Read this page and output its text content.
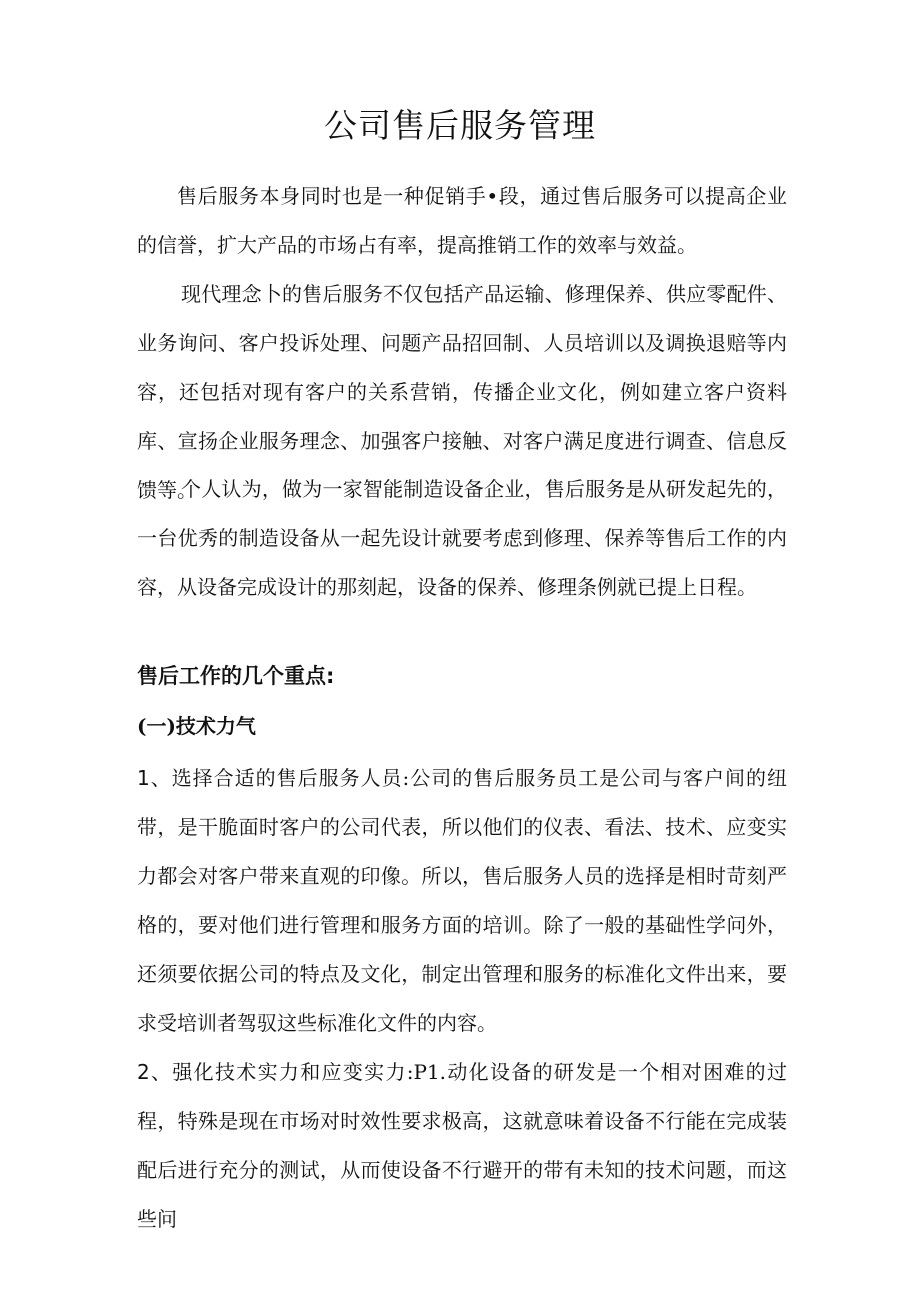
公司售后服务管理

售后服务本身同时也是一种促销手•段，通过售后服务可以提高企业的信誉，扩大产品的市场占有率，提高推销工作的效率与效益。

现代理念卜的售后服务不仅包括产品运输、修理保养、供应零配件、业务询问、客户投诉处理、问题产品招回制、人员培训以及调换退赔等内容，还包括对现有客户的关系营销，传播企业文化，例如建立客户资料库、宣扬企业服务理念、加强客户接触、对客户满足度进行调查、信息反馈等。

个人认为，做为一家智能制造设备企业，售后服务是从研发起先的，一台优秀的制造设备从一起先设计就要考虑到修理、保养等售后工作的内容，从设备完成设计的那刻起，设备的保养、修理条例就已提上日程。

售后工作的几个重点:
(一)技术力气

1、选择合适的售后服务人员:公司的售后服务员工是公司与客户间的纽带，是干脆面时客户的公司代表，所以他们的仪表、看法、技术、应变实力都会对客户带来直观的印像。所以，售后服务人员的选择是相时苛刻严格的，要对他们进行管理和服务方面的培训。除了一般的基础性学问外，还须要依据公司的特点及文化，制定出管理和服务的标准化文件出来，要求受培训者驾驭这些标准化文件的内容。

2、强化技术实力和应变实力:P1.动化设备的研发是一个相对困难的过程，特殊是现在市场对时效性要求极高，这就意味着设备不行能在完成装配后进行充分的测试，从而使设备不行避开的带有未知的技术问题，而这些问
